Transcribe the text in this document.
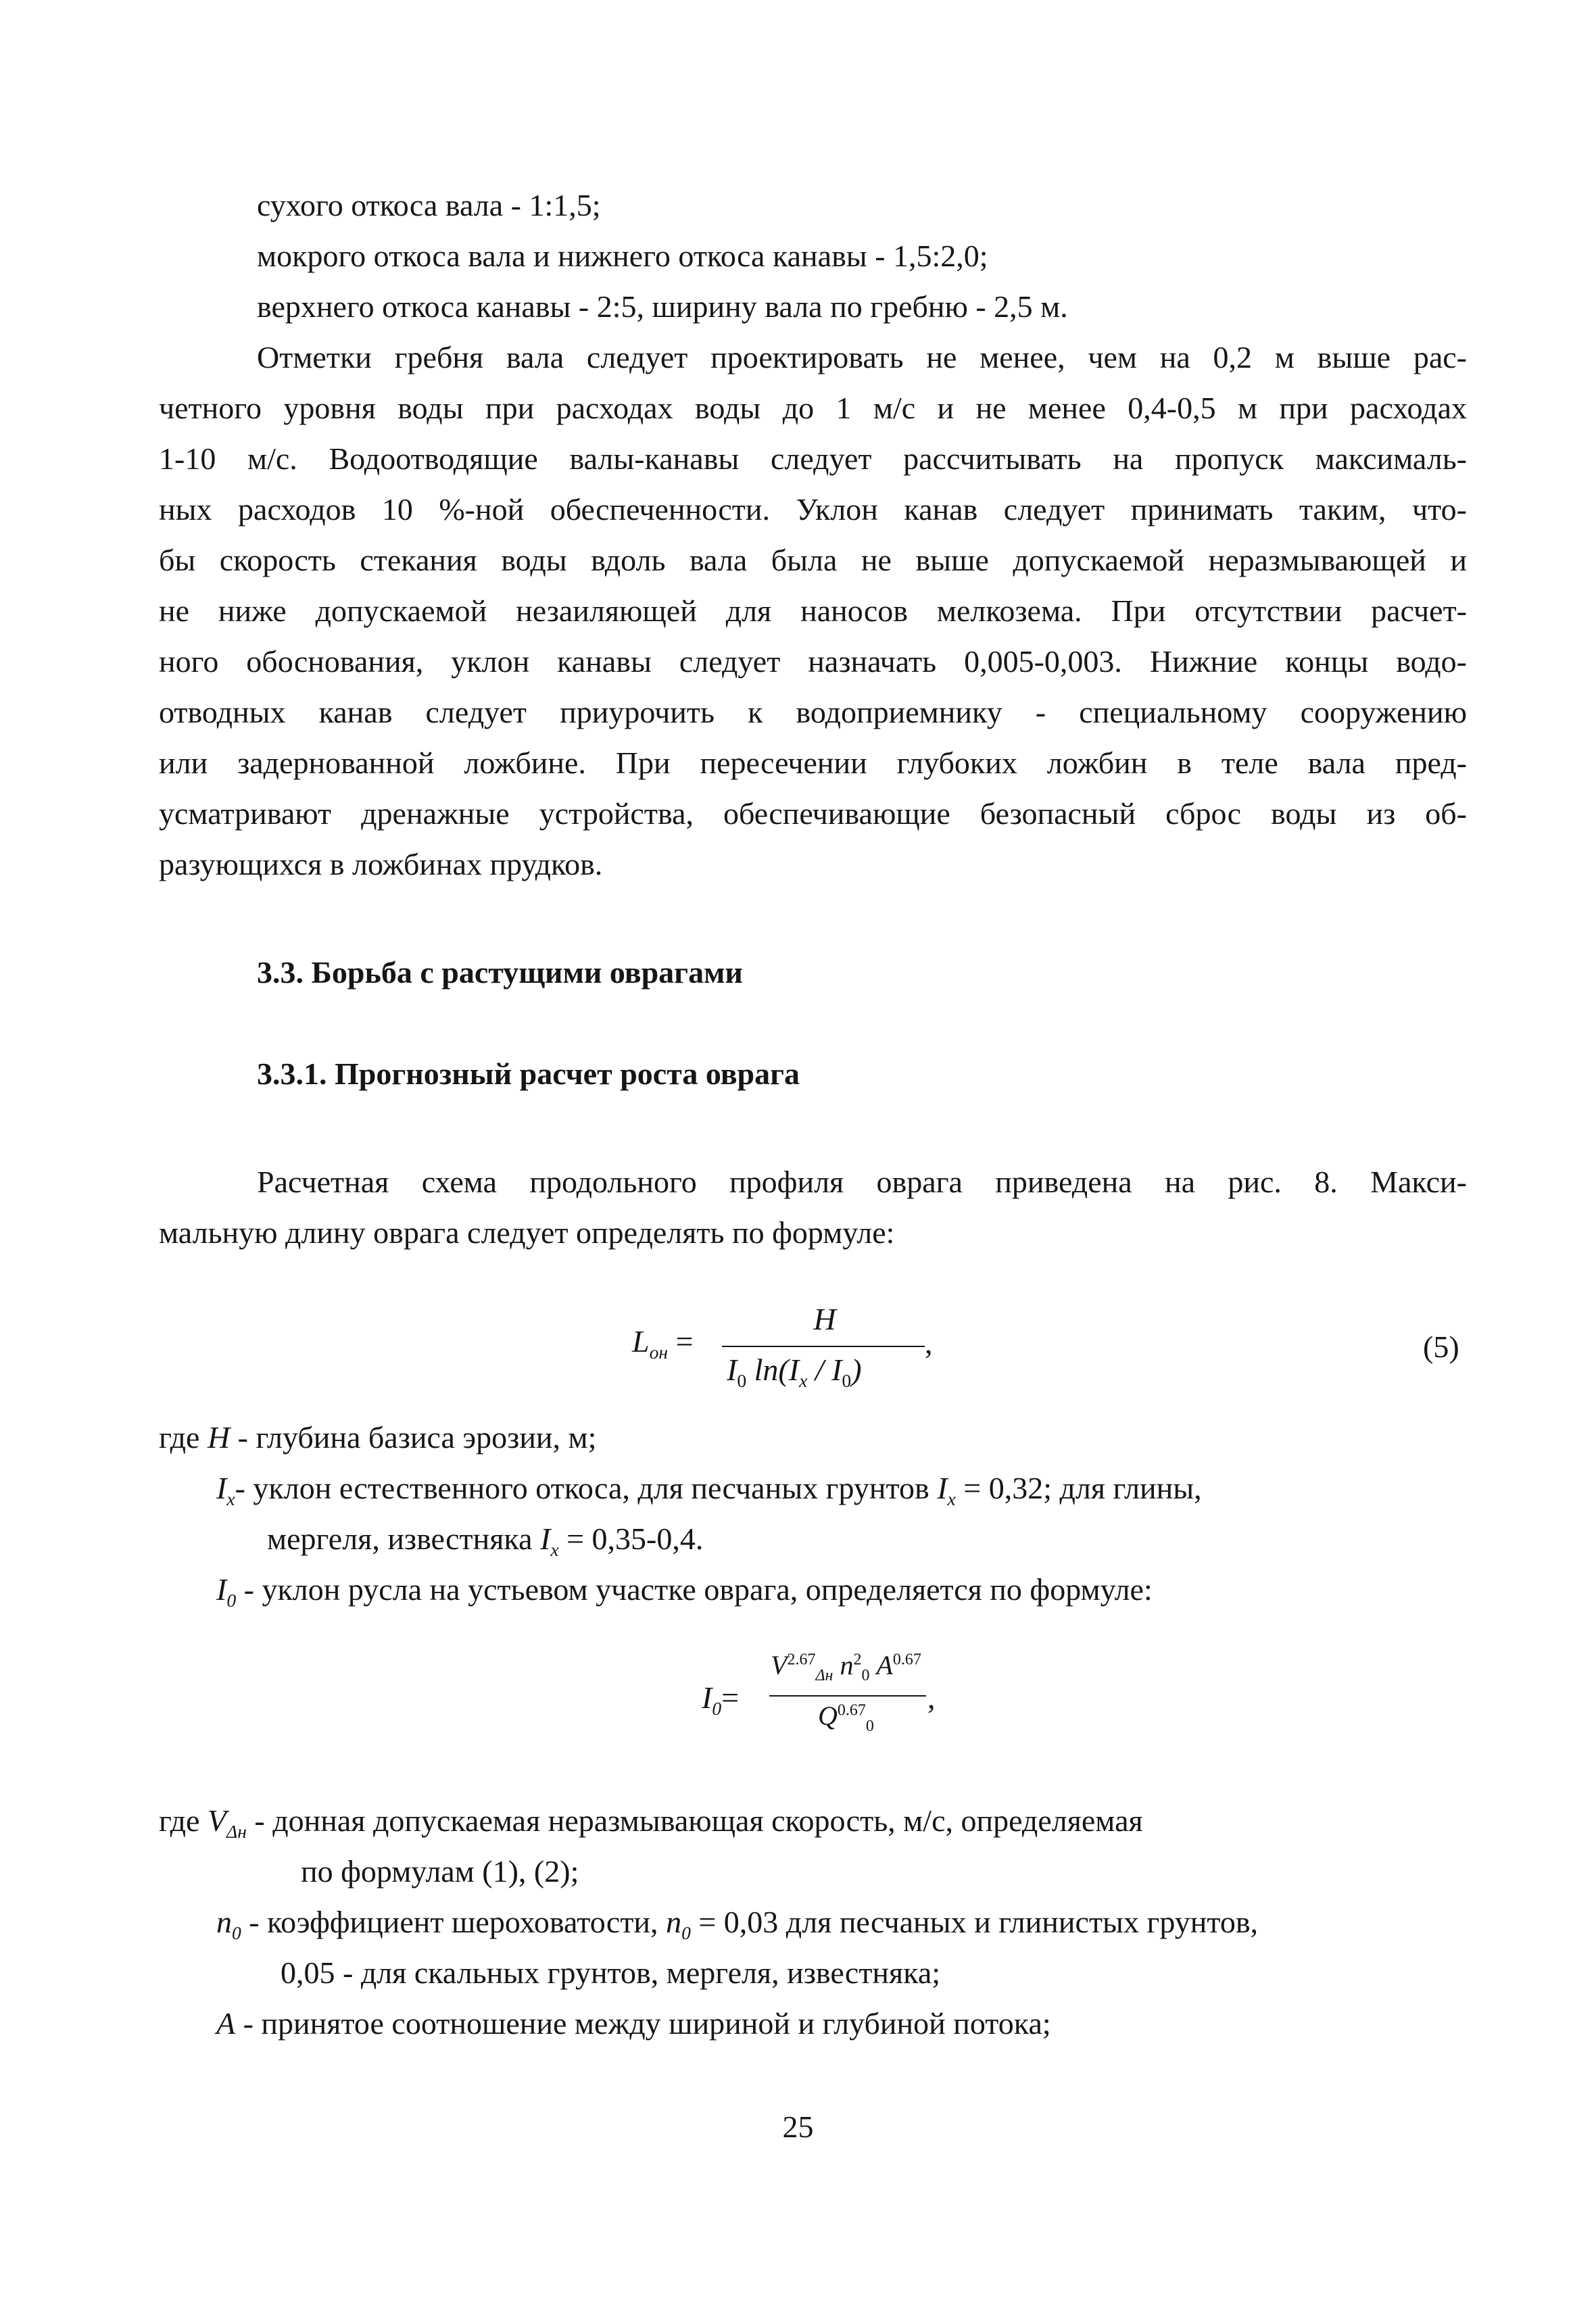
сухого откоса вала - 1:1,5;
мокрого откоса вала и нижнего откоса канавы - 1,5:2,0;
верхнего откоса канавы - 2:5, ширину вала по гребню - 2,5 м.
Отметки гребня вала следует проектировать не менее, чем на 0,2 м выше рас-
четного уровня воды при расходах воды до 1 м/с и не менее 0,4-0,5 м при расходах
1-10 м/с. Водоотводящие валы-канавы следует рассчитывать на пропуск максималь-
ных расходов 10 %-ной обеспеченности. Уклон канав следует принимать таким, что-
бы скорость стекания воды вдоль вала была не выше допускаемой неразмывающей и
не ниже допускаемой незаиляющей для наносов мелкозема. При отсутствии расчет-
ного обоснования, уклон канавы следует назначать 0,005-0,003. Нижние концы водо-
отводных канав следует приурочить к водоприемнику - специальному сооружению
или задернованной ложбине. При пересечении глубоких ложбин в теле вала пред-
усматривают дренажные устройства, обеспечивающие безопасный сброс воды из об-
разующихся в ложбинах прудков.
3.3. Борьба с растущими оврагами
3.3.1. Прогнозный расчет роста оврага
Расчетная схема продольного профиля оврага приведена на рис. 8. Макси-
мальную длину оврага следует определять по формуле:
$L_{он}$ =
H
$I_0$ $\ln(I_x / I_0)$
,	(5)
где H - глубина базиса эрозии, м;
$I_x-$ уклон естественного откоса, для песчаных грунтов $I_x = 0,32$; для глины,
мергеля, известняка $I_x = 0,35-0,4$.
$I_0$ - уклон русла на устьевом участке оврага, определяется по формуле:
$I_0=$
$V^{2.67}_{\Delta н}$ $n^2_0$ $A^{0.67}$
$Q^{0.67}_0$
,
где $V_{\Delta н}$ - донная допускаемая неразмывающая скорость, м/с, определяемая
по формулам (1), (2);
$n_0$ - коэффициент шероховатости, $n_0 = 0,03$ для песчаных и глинистых грунтов,
0,05 - для скальных грунтов, мергеля, известняка;
A - принятое соотношение между шириной и глубиной потока;
25
